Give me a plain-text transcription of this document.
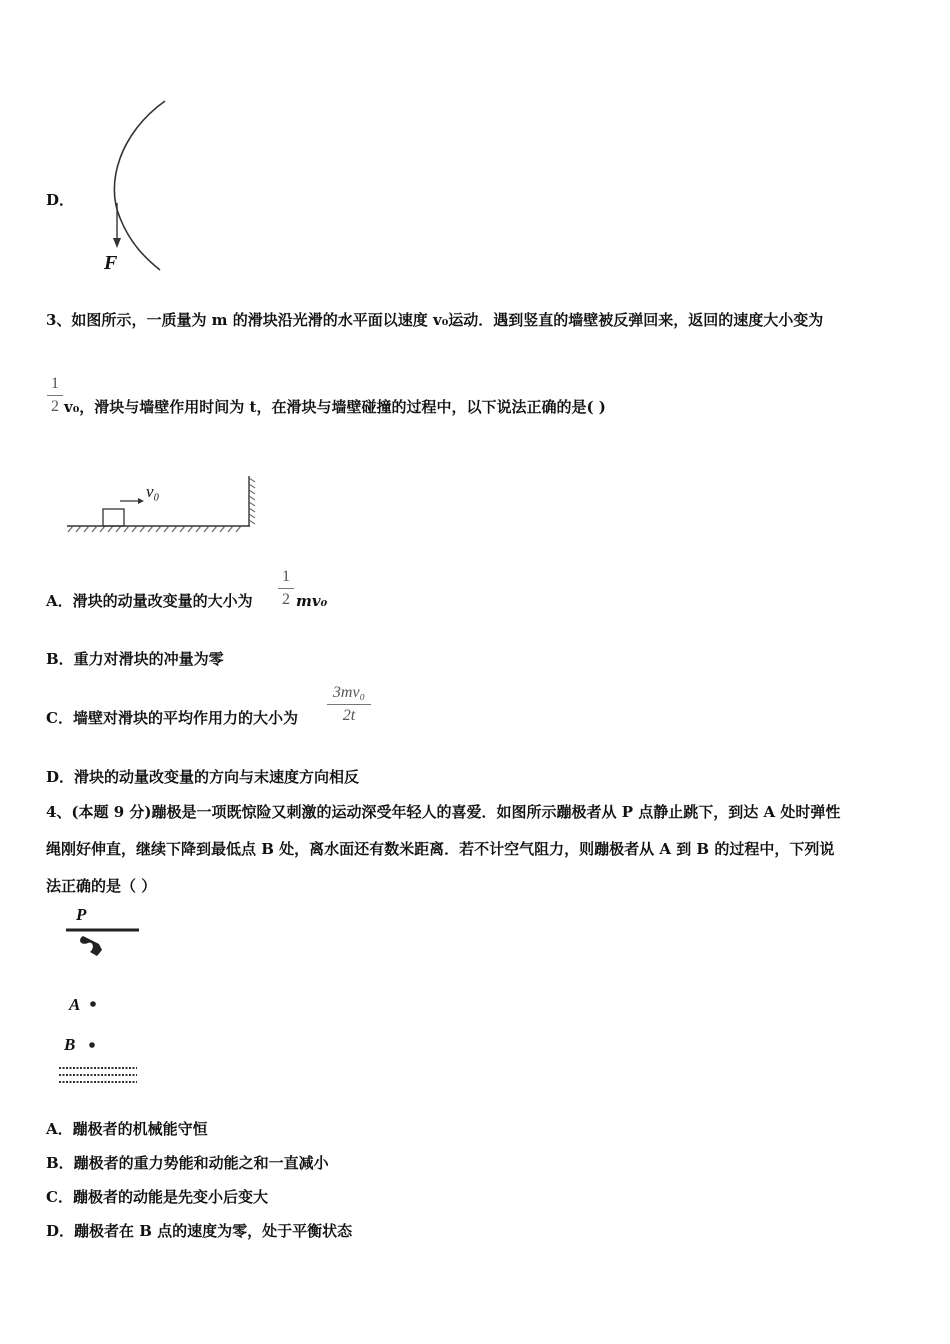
D．
F
3、如图所示，一质量为 m 的滑块沿光滑的水平面以速度 v₀运动．遇到竖直的墙壁被反弹回来，返回的速度大小变为
1
2 v₀，滑块与墙壁作用时间为 t，在滑块与墙壁碰撞的过程中，以下说法正确的是( )
v₀
A．滑块的动量改变量的大小为
1
2 mv₀
B．重力对滑块的冲量为零
C．墙壁对滑块的平均作用力的大小为
3mv₀
2t
D．滑块的动量改变量的方向与末速度方向相反
4、(本题 9 分)蹦极是一项既惊险又刺激的运动深受年轻人的喜爱．如图所示蹦极者从 P 点静止跳下，到达 A 处时弹性
绳刚好伸直，继续下降到最低点 B 处，离水面还有数米距离．若不计空气阻力，则蹦极者从 A 到 B 的过程中，下列说
法正确的是（ ）
P
A
B
A．蹦极者的机械能守恒
B．蹦极者的重力势能和动能之和一直减小
C．蹦极者的动能是先变小后变大
D．蹦极者在 B 点的速度为零，处于平衡状态
